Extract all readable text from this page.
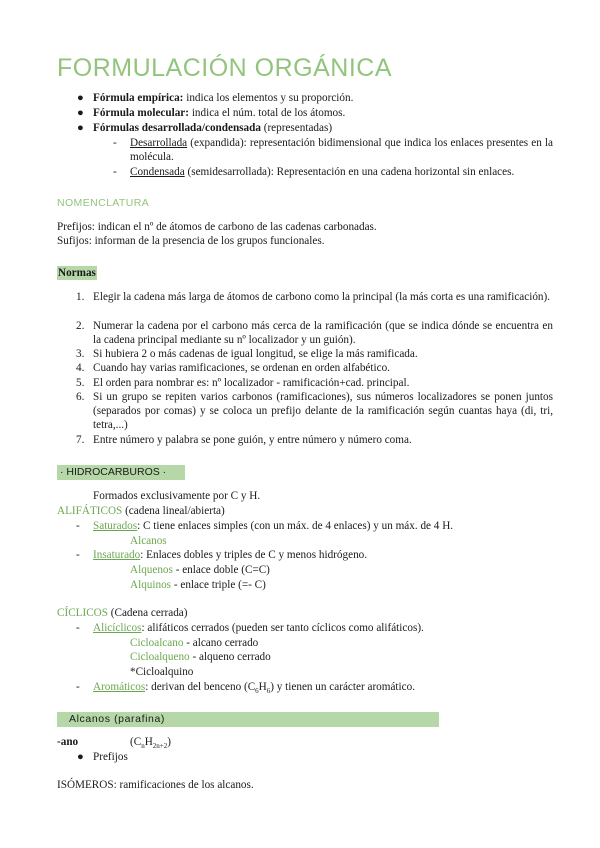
FORMULACIÓN ORGÁNICA
● Fórmula empírica: indica los elementos y su proporción.
● Fórmula molecular: indica el núm. total de los átomos.
● Fórmulas desarrollada/condensada (representadas)
- Desarrollada (expandida): representación bidimensional que indica los enlaces presentes en la molécula.
- Condensada (semidesarrollada): Representación en una cadena horizontal sin enlaces.
NOMENCLATURA
Prefijos: indican el nº de átomos de carbono de las cadenas carbonadas.
Sufijos: informan de la presencia de los grupos funcionales.
Normas
1. Elegir la cadena más larga de átomos de carbono como la principal (la más corta es una ramificación).
2. Numerar la cadena por el carbono más cerca de la ramificación (que se indica dónde se encuentra en la cadena principal mediante su nº localizador y un guión).
3. Si hubiera 2 o más cadenas de igual longitud, se elige la más ramificada.
4. Cuando hay varias ramificaciones, se ordenan en orden alfabético.
5. El orden para nombrar es: nº localizador - ramificación+cad. principal.
6. Si un grupo se repiten varios carbonos (ramificaciones), sus números localizadores se ponen juntos (separados por comas) y se coloca un prefijo delante de la ramificación según cuantas haya (di, tri, tetra,...)
7. Entre número y palabra se pone guión, y entre número y número coma.
· HIDROCARBUROS ·
Formados exclusivamente por C y H.
ALIFÁTICOS (cadena lineal/abierta)
- Saturados: C tiene enlaces simples (con un máx. de 4 enlaces) y un máx. de 4 H.
Alcanos
- Insaturado: Enlaces dobles y triples de C y menos hidrógeno.
Alquenos - enlace doble (C=C)
Alquinos - enlace triple (=- C)
CÍCLICOS (Cadena cerrada)
- Alicíclicos: alifáticos cerrados (pueden ser tanto cíclicos como alifáticos).
Cicloalcano - alcano cerrado
Cicloalqueno - alqueno cerrado
*Cicloalquino
- Aromáticos: derivan del benceno $(C_6H_6)$ y tienen un carácter aromático.
Alcanos (parafina)
-ano	$(C_nH_{2n+2})$
● Prefijos
ISÓMEROS: ramificaciones de los alcanos.
